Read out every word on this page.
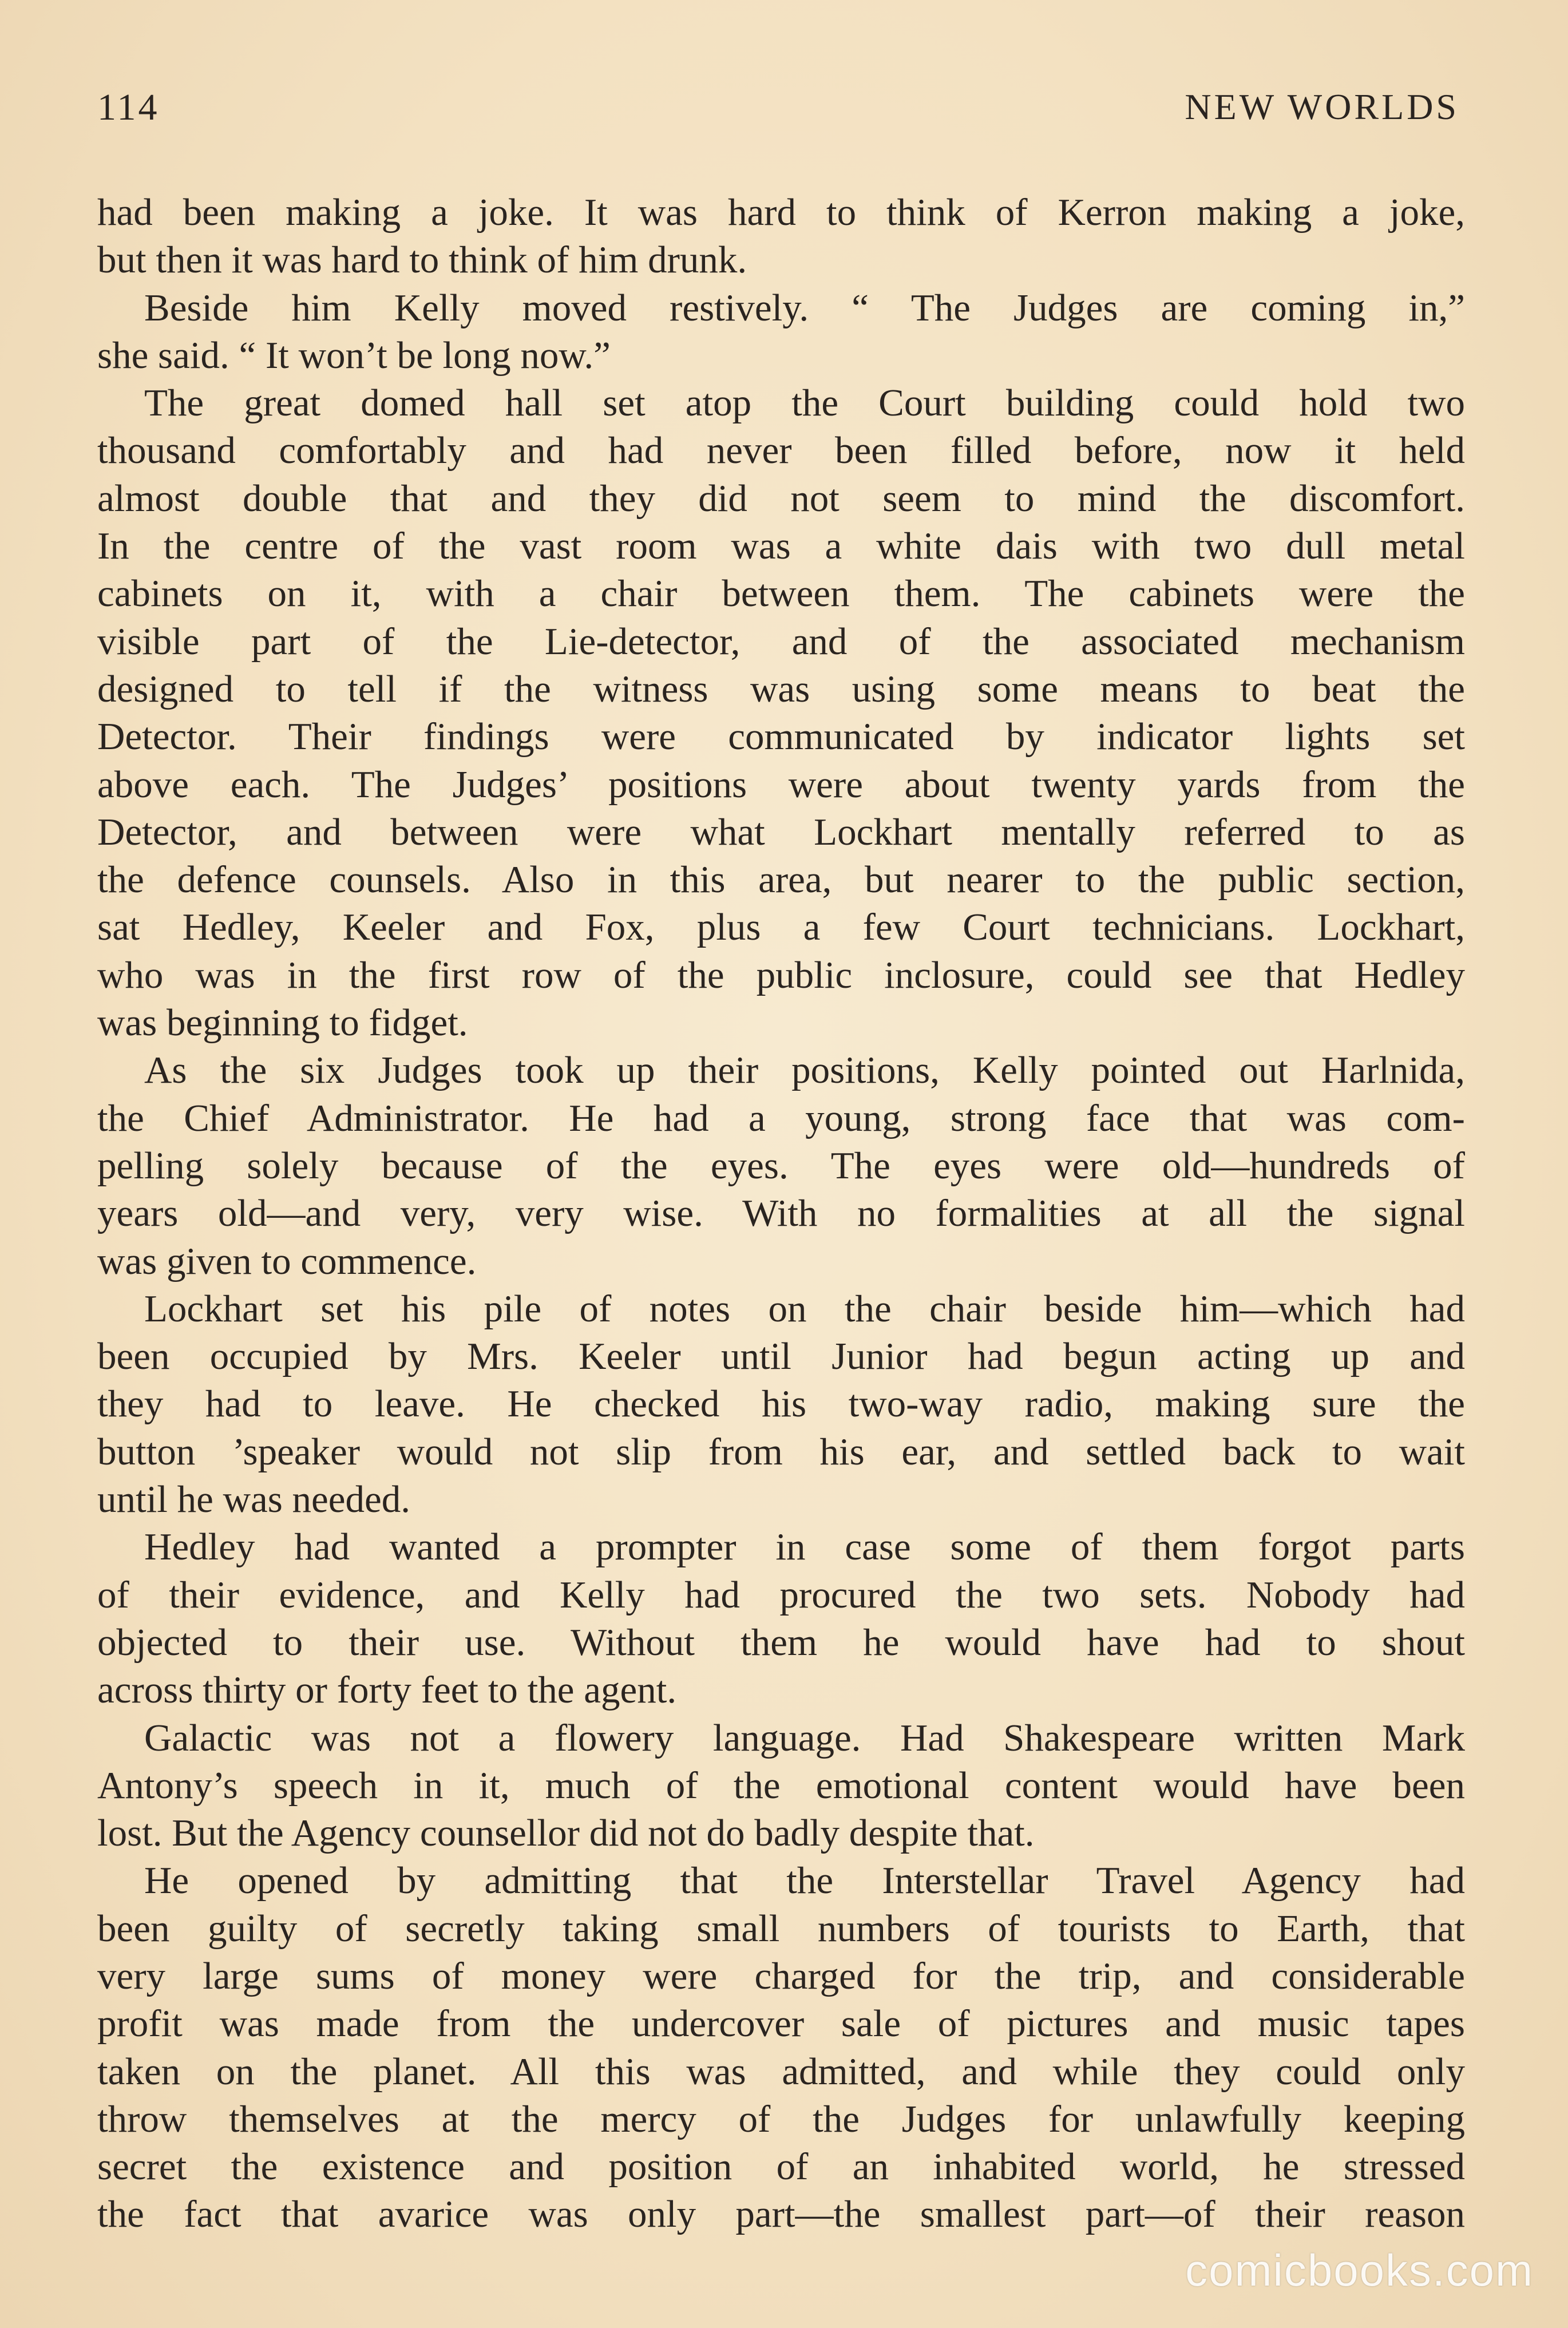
114	NEW WORLDS

had been making a joke. It was hard to think of Kerron making a joke,
but then it was hard to think of him drunk.

Beside him Kelly moved restively. “ The Judges are coming in,”
she said. “ It won’t be long now.”

The great domed hall set atop the Court building could hold two
thousand comfortably and had never been filled before, now it held
almost double that and they did not seem to mind the discomfort.
In the centre of the vast room was a white dais with two dull metal
cabinets on it, with a chair between them. The cabinets were the
visible part of the Lie-detector, and of the associated mechanism
designed to tell if the witness was using some means to beat the
Detector. Their findings were communicated by indicator lights set
above each. The Judges’ positions were about twenty yards from the
Detector, and between were what Lockhart mentally referred to as
the defence counsels. Also in this area, but nearer to the public section,
sat Hedley, Keeler and Fox, plus a few Court technicians. Lockhart,
who was in the first row of the public inclosure, could see that Hedley
was beginning to fidget.

As the six Judges took up their positions, Kelly pointed out Harlnida,
the Chief Administrator. He had a young, strong face that was com-
pelling solely because of the eyes. The eyes were old—hundreds of
years old—and very, very wise. With no formalities at all the signal
was given to commence.

Lockhart set his pile of notes on the chair beside him—which had
been occupied by Mrs. Keeler until Junior had begun acting up and
they had to leave. He checked his two-way radio, making sure the
button ’speaker would not slip from his ear, and settled back to wait
until he was needed.

Hedley had wanted a prompter in case some of them forgot parts
of their evidence, and Kelly had procured the two sets. Nobody had
objected to their use. Without them he would have had to shout
across thirty or forty feet to the agent.

Galactic was not a flowery language. Had Shakespeare written Mark
Antony’s speech in it, much of the emotional content would have been
lost. But the Agency counsellor did not do badly despite that.

He opened by admitting that the Interstellar Travel Agency had
been guilty of secretly taking small numbers of tourists to Earth, that
very large sums of money were charged for the trip, and considerable
profit was made from the undercover sale of pictures and music tapes
taken on the planet. All this was admitted, and while they could only
throw themselves at the mercy of the Judges for unlawfully keeping
secret the existence and position of an inhabited world, he stressed
the fact that avarice was only part—the smallest part—of their reason

comicbooks.com
